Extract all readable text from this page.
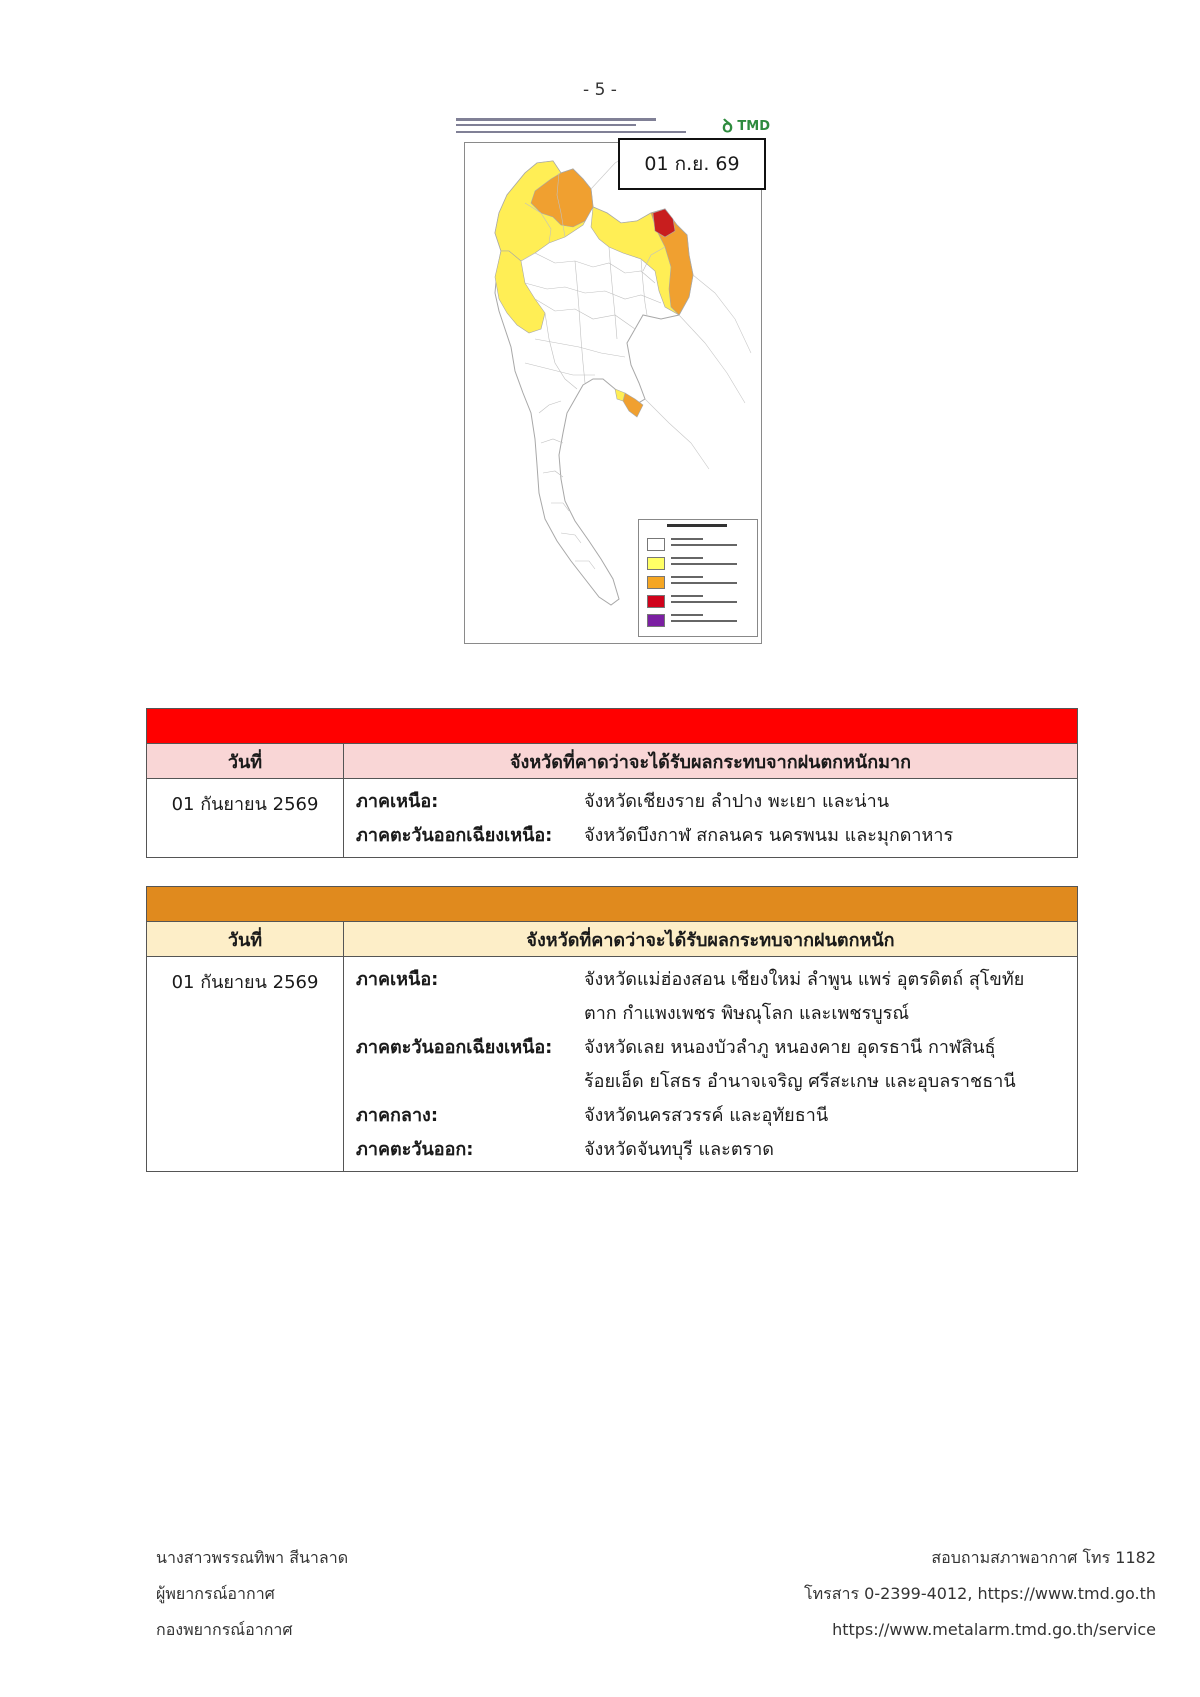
- 5 -
ꝺ TMD
01 ก.ย. 69
วันที่	จังหวัดที่คาดว่าจะได้รับผลกระทบจากฝนตกหนักมาก
01 กันยายน 2569	ภาคเหนือ:	จังหวัดเชียงราย ลำปาง พะเยา และน่าน
ภาคตะวันออกเฉียงเหนือ:	จังหวัดบึงกาฬ สกลนคร นครพนม และมุกดาหาร
วันที่	จังหวัดที่คาดว่าจะได้รับผลกระทบจากฝนตกหนัก
01 กันยายน 2569	ภาคเหนือ:	จังหวัดแม่ฮ่องสอน เชียงใหม่ ลำพูน แพร่ อุตรดิตถ์ สุโขทัย
ตาก กำแพงเพชร พิษณุโลก และเพชรบูรณ์
ภาคตะวันออกเฉียงเหนือ:	จังหวัดเลย หนองบัวลำภู หนองคาย อุดรธานี กาฬสินธุ์
ร้อยเอ็ด ยโสธร อำนาจเจริญ ศรีสะเกษ และอุบลราชธานี
ภาคกลาง:	จังหวัดนครสวรรค์ และอุทัยธานี
ภาคตะวันออก:	จังหวัดจันทบุรี และตราด
นางสาวพรรณทิพา สีนาลาด
ผู้พยากรณ์อากาศ
กองพยากรณ์อากาศ
สอบถามสภาพอากาศ โทร 1182
โทรสาร 0-2399-4012, https://www.tmd.go.th
https://www.metalarm.tmd.go.th/service
